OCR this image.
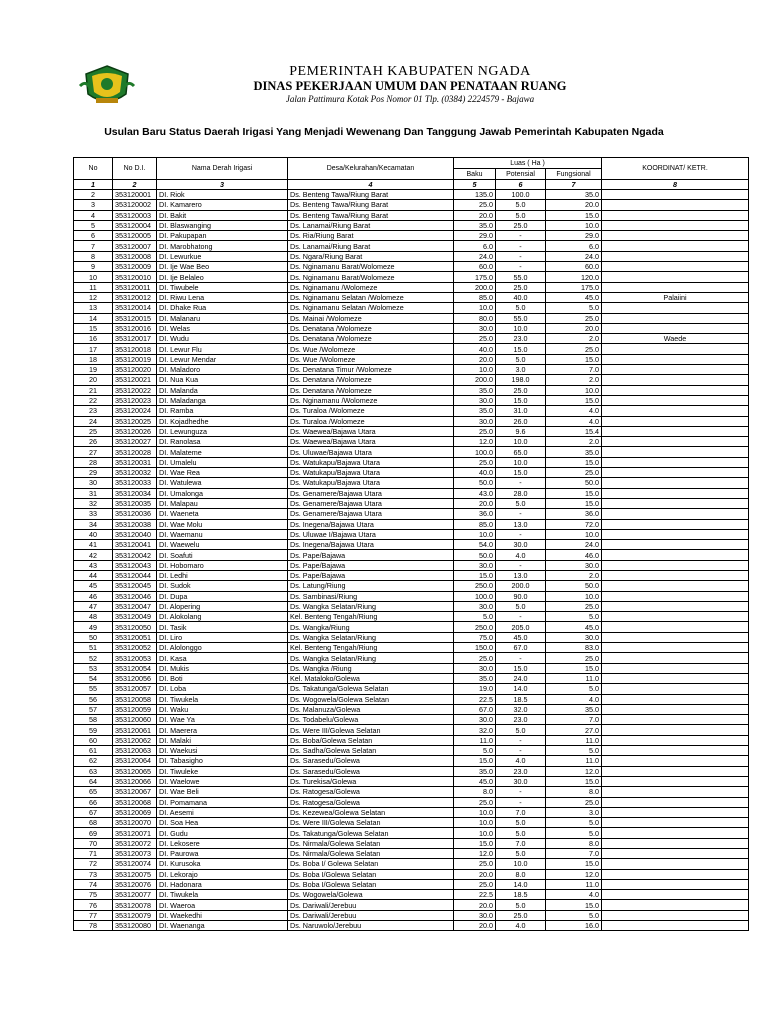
PEMERINTAH KABUPATEN NGADA
DINAS PEKERJAAN UMUM DAN PENATAAN RUANG
Jalan Pattimura Kotak Pos Nomor 01 Tlp. (0384) 2224579 - Bajawa
Usulan Baru Status Daerah Irigasi Yang Menjadi Wewenang Dan Tanggung Jawab Pemerintah Kabupaten Ngada
No	No D.I.	Nama Derah Irigasi	Desa/Kelurahan/Kecamatan	Luas ( Ha )			KOORDINAT/ KETR.
				Baku	Potensial	Fungsional	
1	2	3	4	5	6	7	8
2	353120001	DI. Riok	Ds. Benteng Tawa/Riung Barat	135.0	100.0	35.0	
3	353120002	DI. Kamarero	Ds. Benteng Tawa/Riung Barat	25.0	5.0	20.0	
4	353120003	DI. Bakit	Ds. Benteng Tawa/Riung Barat	20.0	5.0	15.0	
5	353120004	DI. Blaswanging	Ds. Lanamai/Riung Barat	35.0	25.0	10.0	
6	353120005	DI. Pakupapan	Ds. Ria/Riung Barat	29.0	-	29.0	
7	353120007	DI. Marobhatong	Ds. Lanamai/Riung Barat	6.0	-	6.0	
8	353120008	DI. Lewurkue	Ds. Ngara/Riung Barat	24.0	-	24.0	
9	353120009	DI. Ije Wae Beo	Ds. Nginamanu Barat/Wolomeze	60.0	-	60.0	
10	353120010	DI. Ije Belaleo	Ds. Nginamanu Barat/Wolomeze	175.0	55.0	120.0	
11	353120011	DI. Tiwubele	Ds. Nginamanu /Wolomeze	200.0	25.0	175.0	
12	353120012	DI. Riwu Lena	Ds. Nginamanu Selatan /Wolomeze	85.0	40.0	45.0	Palaiini
13	353120014	DI. Dhake Rua	Ds. Nginamanu Selatan /Wolomeze	10.0	5.0	5.0	
14	353120015	DI. Malanaru	Ds. Mainai /Wolomeze	80.0	55.0	25.0	
15	353120016	DI. Welas	Ds. Denatana /Wolomeze	30.0	10.0	20.0	
16	353120017	DI. Wudu	Ds. Denatana /Wolomeze	25.0	23.0	2.0	Waede
17	353120018	DI. Lewur Flu	Ds. Wue /Wolomeze	40.0	15.0	25.0	
18	353120019	DI. Lewur Mendar	Ds. Wue /Wolomeze	20.0	5.0	15.0	
19	353120020	DI. Maladoro	Ds. Denatana Timur /Wolomeze	10.0	3.0	7.0	
20	353120021	DI. Nua Kua	Ds. Denatana /Wolomeze	200.0	198.0	2.0	
21	353120022	DI. Malanda	Ds. Denatana /Wolomeze	35.0	25.0	10.0	
22	353120023	DI. Maladanga	Ds. Nginamanu /Wolomeze	30.0	15.0	15.0	
23	353120024	DI. Ramba	Ds. Turaloa /Wolomeze	35.0	31.0	4.0	
24	353120025	DI. Kojadhedhe	Ds. Turaloa /Wolomeze	30.0	26.0	4.0	
25	353120026	DI. Lewunguza	Ds. Waewea/Bajawa Utara	25.0	9.6	15.4	
26	353120027	DI. Ranolasa	Ds. Waewea/Bajawa Utara	12.0	10.0	2.0	
27	353120028	DI. Malateme	Ds. Uluwae/Bajawa Utara	100.0	65.0	35.0	
28	353120031	DI. Umalelu	Ds. Watukapu/Bajawa Utara	25.0	10.0	15.0	
29	353120032	DI. Wae Rea	Ds. Watukapu/Bajawa Utara	40.0	15.0	25.0	
30	353120033	DI. Watulewa	Ds. Watukapu/Bajawa Utara	50.0	-	50.0	
31	353120034	DI. Umalonga	Ds. Genamere/Bajawa Utara	43.0	28.0	15.0	
32	353120035	DI. Malapau	Ds. Genamere/Bajawa Utara	20.0	5.0	15.0	
33	353120036	DI. Waeneta	Ds. Genamere/Bajawa Utara	36.0	-	36.0	
34	353120038	DI. Wae Molu	Ds. Inegena/Bajawa Utara	85.0	13.0	72.0	
40	353120040	DI. Waemanu	Ds. Uluwae I/Bajawa Utara	10.0	-	10.0	
41	353120041	DI. Waewelu	Ds. Inegena/Bajawa Utara	54.0	30.0	24.0	
42	353120042	DI. Soafuti	Ds. Pape/Bajawa	50.0	4.0	46.0	
43	353120043	DI. Hobomaro	Ds. Pape/Bajawa	30.0	-	30.0	
44	353120044	DI. Ledhi	Ds. Pape/Bajawa	15.0	13.0	2.0	
45	353120045	DI. Sudok	Ds. Latung/Riung	250.0	200.0	50.0	
46	353120046	DI. Dupa	Ds. Sambinasi/Riung	100.0	90.0	10.0	
47	353120047	DI. Alopering	Ds. Wangka Selatan/Riung	30.0	5.0	25.0	
48	353120049	DI. Alokolang	Kel. Benteng Tengah/Riung	5.0	-	5.0	
49	353120050	DI. Tasik	Ds. Wangka/Riung	250.0	205.0	45.0	
50	353120051	DI. Liro	Ds. Wangka Selatan/Riung	75.0	45.0	30.0	
51	353120052	DI. Alolonggo	Kel. Benteng Tengah/Riung	150.0	67.0	83.0	
52	353120053	DI. Kasa	Ds. Wangka Selatan/Riung	25.0	-	25.0	
53	353120054	DI. Mukis	Ds. Wangka /Riung	30.0	15.0	15.0	
54	353120056	DI. Boti	Kel. Mataloko/Golewa	35.0	24.0	11.0	
55	353120057	DI. Loba	Ds. Takatunga/Golewa Selatan	19.0	14.0	5.0	
56	353120058	DI. Tiwukela	Ds. Wogowela/Golewa Selatan	22.5	18.5	4.0	
57	353120059	DI. Waku	Ds. Malanuza/Golewa	67.0	32.0	35.0	
58	353120060	DI. Wae Ya	Ds. Todabelu/Golewa	30.0	23.0	7.0	
59	353120061	DI. Maerera	Ds. Were III/Golewa Selatan	32.0	5.0	27.0	
60	353120062	DI. Malaki	Ds. Boba/Golewa Selatan	11.0	-	11.0	
61	353120063	DI. Waekusi	Ds. Sadha/Golewa Selatan	5.0	-	5.0	
62	353120064	DI. Tabasigho	Ds. Sarasedu/Golewa	15.0	4.0	11.0	
63	353120065	DI. Tiwuleke	Ds. Sarasedu/Golewa	35.0	23.0	12.0	
64	353120066	DI. Waelowe	Ds. Turekisa/Golewa	45.0	30.0	15.0	
65	353120067	DI. Wae Beli	Ds. Ratogesa/Golewa	8.0	-	8.0	
66	353120068	DI. Pomamana	Ds. Ratogesa/Golewa	25.0	-	25.0	
67	353120069	DI. Aesemi	Ds. Kezewea/Golewa Selatan	10.0	7.0	3.0	
68	353120070	DI. Soa Hea	Ds. Were III/Golewa Selatan	10.0	5.0	5.0	
69	353120071	DI. Gudu	Ds. Takatunga/Golewa Selatan	10.0	5.0	5.0	
70	353120072	DI. Lekosere	Ds. Nirmala/Golewa Selatan	15.0	7.0	8.0	
71	353120073	DI. Paurowa	Ds. Nirmala/Golewa Selatan	12.0	5.0	7.0	
72	353120074	DI. Kurusoka	Ds. Boba I/ Golewa Selatan	25.0	10.0	15.0	
73	353120075	DI. Lekorajo	Ds. Boba I/Golewa Selatan	20.0	8.0	12.0	
74	353120076	DI. Hadonara	Ds. Boba I/Golewa Selatan	25.0	14.0	11.0	
75	353120077	DI. Tiwukela	Ds. Wogowela/Golewa	22.5	18.5	4.0	
76	353120078	DI. Waeroa	Ds. Dariwali/Jerebuu	20.0	5.0	15.0	
77	353120079	DI. Waekedhi	Ds. Dariwali/Jerebuu	30.0	25.0	5.0	
78	353120080	DI. Waenanga	Ds. Naruwolo/Jerebuu	20.0	4.0	16.0	
